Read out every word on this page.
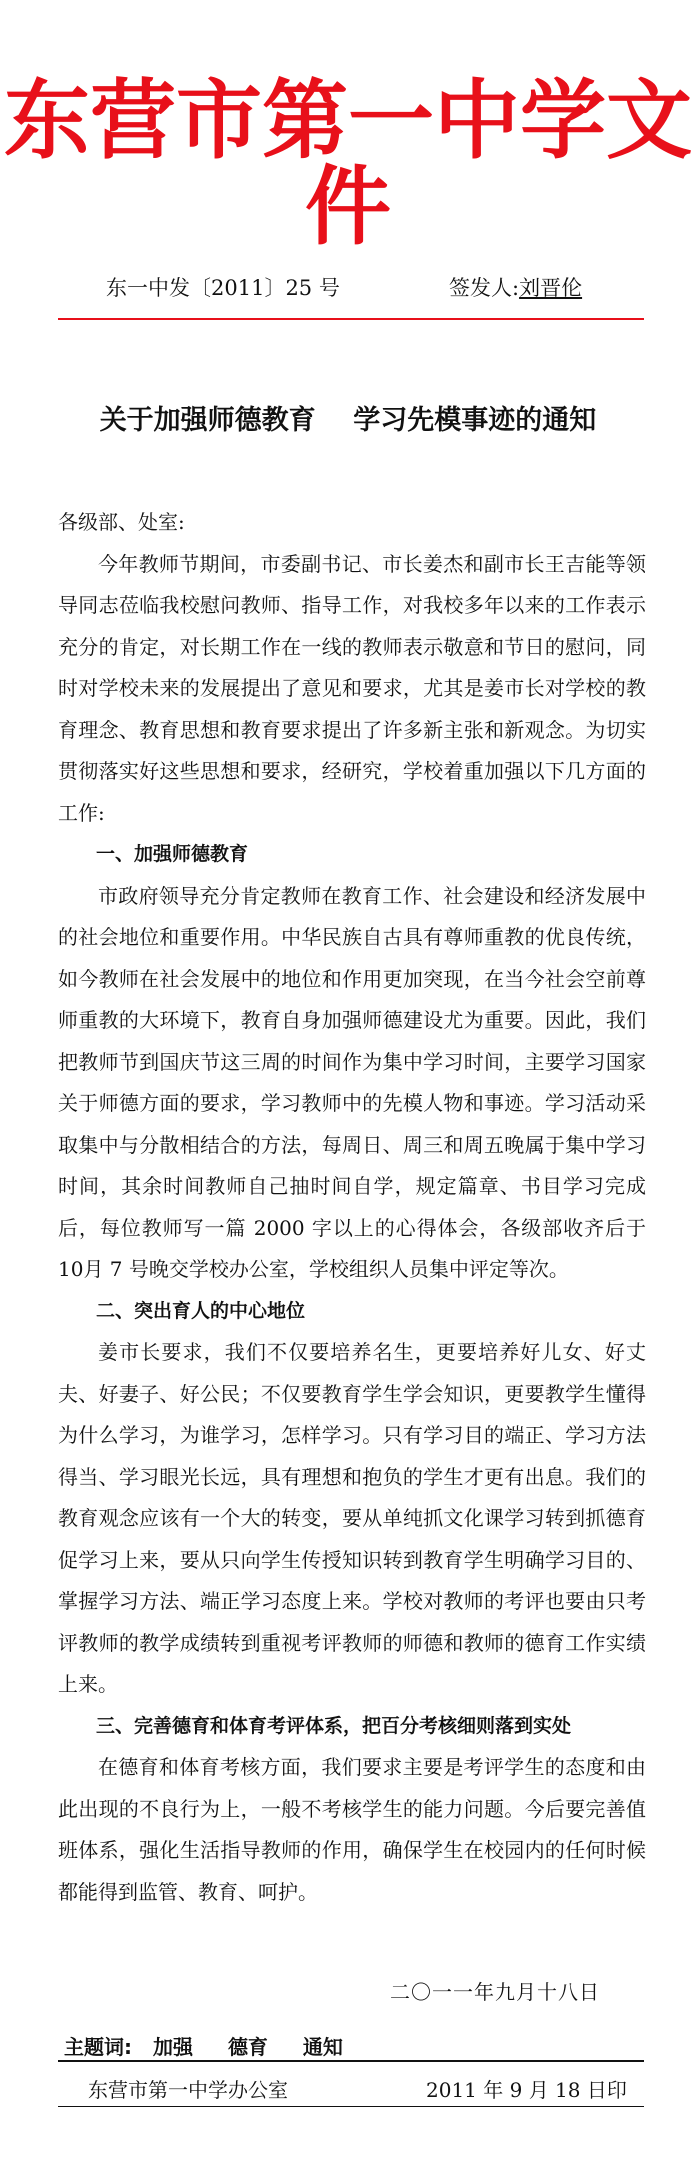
东营市第一中学文件
东一中发〔2011〕25 号	签发人:刘晋伦
关于加强师德教育    学习先模事迹的通知

各级部、处室:

今年教师节期间，市委副书记、市长姜杰和副市长王吉能等领导同志莅临我校慰问教师、指导工作，对我校多年以来的工作表示充分的肯定，对长期工作在一线的教师表示敬意和节日的慰问，同时对学校未来的发展提出了意见和要求，尤其是姜市长对学校的教育理念、教育思想和教育要求提出了许多新主张和新观念。为切实贯彻落实好这些思想和要求，经研究，学校着重加强以下几方面的工作:

一、加强师德教育

市政府领导充分肯定教师在教育工作、社会建设和经济发展中的社会地位和重要作用。中华民族自古具有尊师重教的优良传统，如今教师在社会发展中的地位和作用更加突现，在当今社会空前尊师重教的大环境下，教育自身加强师德建设尤为重要。因此，我们把教师节到国庆节这三周的时间作为集中学习时间，主要学习国家关于师德方面的要求，学习教师中的先模人物和事迹。学习活动采取集中与分散相结合的方法，每周日、周三和周五晚属于集中学习时间，其余时间教师自己抽时间自学，规定篇章、书目学习完成后，每位教师写一篇 2000 字以上的心得体会，各级部收齐后于 10月 7 号晚交学校办公室，学校组织人员集中评定等次。

二、突出育人的中心地位

姜市长要求，我们不仅要培养名生，更要培养好儿女、好丈夫、好妻子、好公民；不仅要教育学生学会知识，更要教学生懂得为什么学习，为谁学习，怎样学习。只有学习目的端正、学习方法得当、学习眼光长远，具有理想和抱负的学生才更有出息。我们的教育观念应该有一个大的转变，要从单纯抓文化课学习转到抓德育促学习上来，要从只向学生传授知识转到教育学生明确学习目的、掌握学习方法、端正学习态度上来。学校对教师的考评也要由只考评教师的教学成绩转到重视考评教师的师德和教师的德育工作实绩上来。

三、完善德育和体育考评体系，把百分考核细则落到实处

在德育和体育考核方面，我们要求主要是考评学生的态度和由此出现的不良行为上，一般不考核学生的能力问题。今后要完善值班体系，强化生活指导教师的作用，确保学生在校园内的任何时候都能得到监管、教育、呵护。

二〇一一年九月十八日
主题词: 加强 德育 通知
东营市第一中学办公室	2011 年 9 月 18 日印
